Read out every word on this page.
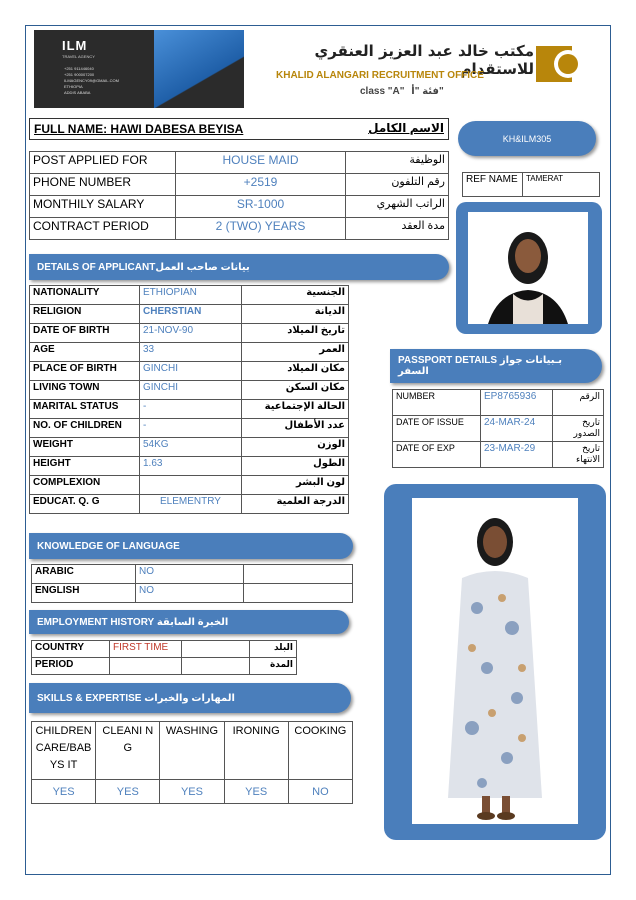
ILM
TRAVEL AGENCY
+251 911446040
+251 900007200
ILMAGENCY09@GMAIL.COM
ETHIOPIA
ADDIS ABABA
مكتب خالد عبد العزيز العنقري للاستقدام
KHALID ALANGARI RECRUITMENT OFFICE
class "A" فئة "أ"
FULL NAME: HAWI DABESA BEYISA	الاسم الكامل
KH&ILM305
POST APPLIED FOR	HOUSE MAID	الوظيفة
PHONE NUMBER	+2519	رقم التلفون
MONTHILY SALARY	SR-1000	الراتب الشهري
CONTRACT PERIOD	2 (TWO) YEARS	مدة العقد
REF NAME	TAMERAT
DETAILS OF APPLICANTبيانات صاحب العمل
NATIONALITY	ETHIOPIAN	الجنسية
RELIGION	CHERSTIAN	الديانة
DATE OF BIRTH	21-NOV-90	تاريخ الميلاد
AGE	33	العمر
PLACE OF BIRTH	GINCHI	مكان الميلاد
LIVING TOWN	GINCHI	مكان السكن
MARITAL STATUS	-	الحالة الإجتماعية
NO. OF CHILDREN	-	عدد الأطفال
WEIGHT	54KG	الوزن
HEIGHT	1.63	الطول
COMPLEXION		لون البشر
EDUCAT. Q. G	ELEMENTRY	الدرجة العلمية
PASSPORT DETAILS بـبيانات جواز السفر
NUMBER	EP8765936	الرقم
DATE OF ISSUE	24-MAR-24	تاريخ الصدور
DATE OF EXP	23-MAR-29	تاريخ الانتهاء
KNOWLEDGE OF LANGUAGE
ARABIC	NO	
ENGLISH	NO	
EMPLOYMENT HISTORY الخبرة السابقة
COUNTRY	FIRST TIME		البلد
PERIOD			المدة
SKILLS & EXPERTISE المهارات والخبرات
CHILDREN CARE/BABYS IT	CLEANI NG	WASHING	IRONING	COOKING
YES	YES	YES	YES	NO
